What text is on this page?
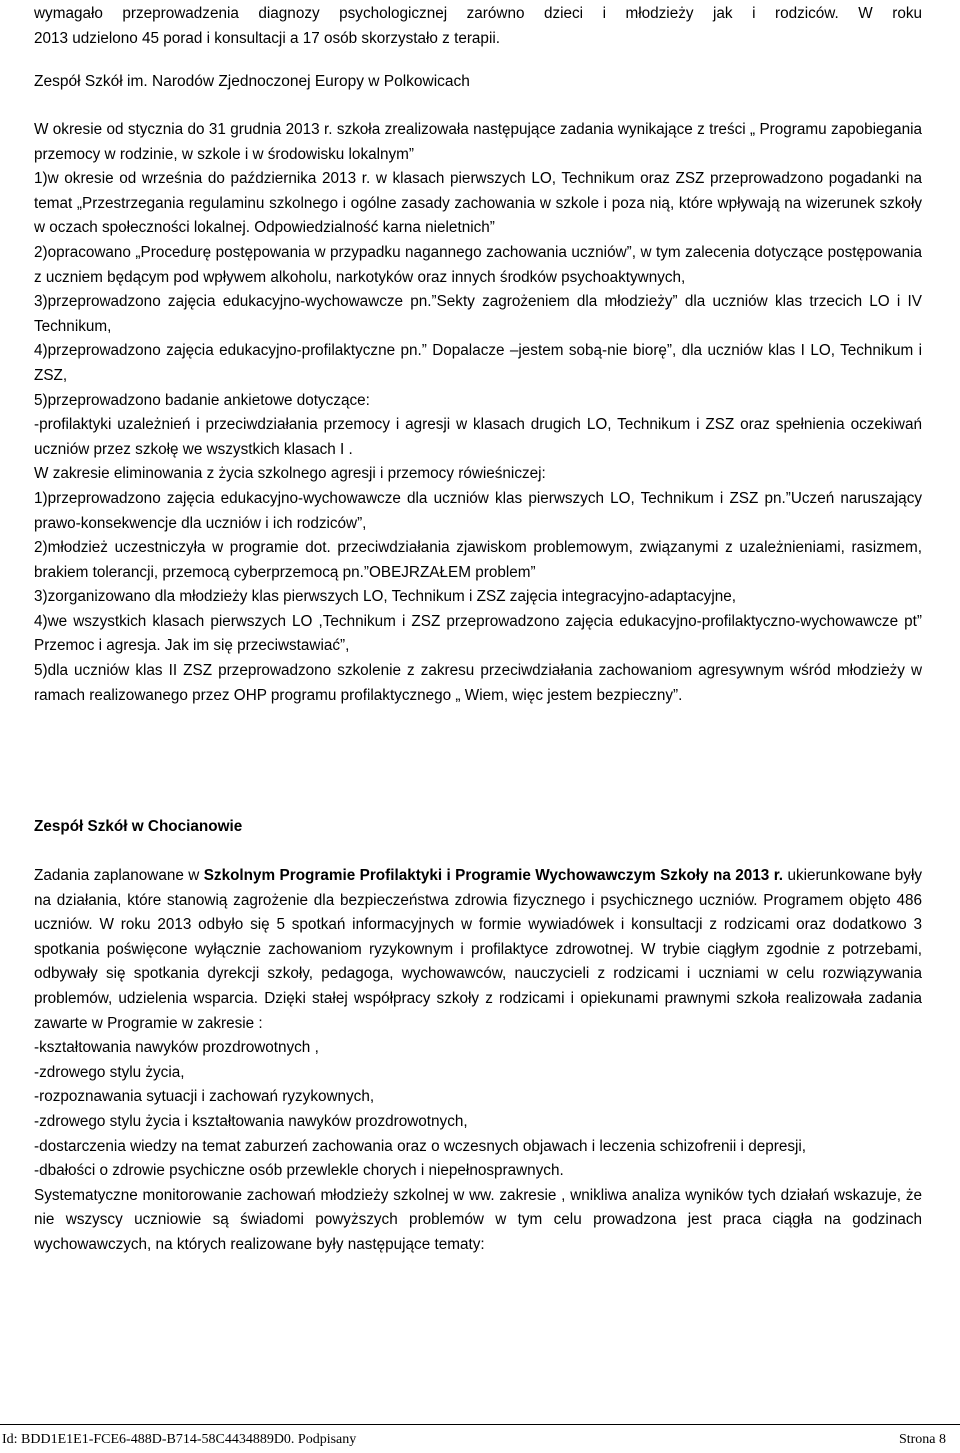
wymagało przeprowadzenia diagnozy psychologicznej zarówno dzieci i młodzieży jak i rodziców. W roku

2013 udzielono 45 porad i konsultacji a 17 osób skorzystało z terapii.

Zespół Szkół im. Narodów Zjednoczonej Europy w Polkowicach

W okresie od stycznia do 31 grudnia 2013 r. szkoła zrealizowała następujące zadania wynikające z treści „ Programu zapobiegania przemocy w rodzinie, w szkole i w środowisku lokalnym”

1)w okresie od września do października 2013 r. w klasach pierwszych LO, Technikum oraz ZSZ przeprowadzono pogadanki na temat „Przestrzegania regulaminu szkolnego i ogólne zasady zachowania w szkole i poza nią, które wpływają na wizerunek szkoły w oczach społeczności lokalnej. Odpowiedzialność karna nieletnich”

2)opracowano „Procedurę postępowania w przypadku nagannego zachowania uczniów”, w tym zalecenia dotyczące postępowania z uczniem będącym pod wpływem alkoholu, narkotyków oraz innych środków psychoaktywnych,

3)przeprowadzono zajęcia edukacyjno-wychowawcze pn.”Sekty zagrożeniem dla młodzieży” dla uczniów klas trzecich LO i IV Technikum,

4)przeprowadzono zajęcia edukacyjno-profilaktyczne pn.” Dopalacze –jestem sobą-nie biorę”, dla uczniów klas I LO, Technikum i ZSZ,

5)przeprowadzono badanie ankietowe dotyczące:

-profilaktyki uzależnień i przeciwdziałania przemocy i agresji w klasach drugich LO, Technikum i ZSZ oraz spełnienia oczekiwań uczniów przez szkołę we wszystkich klasach I .

W zakresie eliminowania z życia szkolnego agresji i przemocy rówieśniczej:

1)przeprowadzono zajęcia edukacyjno-wychowawcze dla uczniów klas pierwszych LO, Technikum i ZSZ pn.”Uczeń naruszający prawo-konsekwencje dla uczniów i ich rodziców”,

2)młodzież uczestniczyła w programie dot. przeciwdziałania zjawiskom problemowym, związanymi z uzależnieniami, rasizmem, brakiem tolerancji, przemocą cyberprzemocą pn.”OBEJRZAŁEM problem”

3)zorganizowano dla młodzieży klas pierwszych LO, Technikum i ZSZ zajęcia integracyjno-adaptacyjne,

4)we wszystkich klasach pierwszych LO ,Technikum i ZSZ przeprowadzono zajęcia edukacyjno-profilaktyczno-wychowawcze pt” Przemoc i agresja. Jak im się przeciwstawiać”,

5)dla uczniów klas II ZSZ przeprowadzono szkolenie z zakresu przeciwdziałania zachowaniom agresywnym wśród młodzieży w ramach realizowanego przez OHP programu profilaktycznego „ Wiem, więc jestem bezpieczny”.

Zespół Szkół w Chocianowie

Zadania zaplanowane w Szkolnym Programie Profilaktyki i Programie Wychowawczym Szkoły na 2013 r. ukierunkowane były na działania, które stanowią zagrożenie dla bezpieczeństwa zdrowia fizycznego i psychicznego uczniów. Programem objęto 486 uczniów. W roku 2013 odbyło się 5 spotkań informacyjnych w formie wywiadówek i konsultacji z rodzicami oraz dodatkowo 3 spotkania poświęcone wyłącznie zachowaniom ryzykownym i profilaktyce zdrowotnej. W trybie ciągłym zgodnie z potrzebami, odbywały się spotkania dyrekcji szkoły, pedagoga, wychowawców, nauczycieli z rodzicami i uczniami w celu rozwiązywania problemów, udzielenia wsparcia. Dzięki stałej współpracy szkoły z rodzicami i opiekunami prawnymi szkoła realizowała zadania zawarte w Programie w zakresie :

-kształtowania nawyków prozdrowotnych ,

-zdrowego stylu życia,

-rozpoznawania sytuacji i zachowań ryzykownych,

-zdrowego stylu życia i kształtowania nawyków prozdrowotnych,

-dostarczenia wiedzy na temat zaburzeń zachowania oraz o wczesnych objawach i leczenia schizofrenii i depresji,

-dbałości o zdrowie psychiczne osób przewlekle chorych i niepełnosprawnych.

Systematyczne monitorowanie zachowań młodzieży szkolnej w ww. zakresie , wnikliwa analiza wyników tych działań wskazuje, że nie wszyscy uczniowie są świadomi powyższych problemów w tym celu prowadzona jest praca ciągła na godzinach wychowawczych, na których realizowane były następujące tematy:

Id: BDD1E1E1-FCE6-488D-B714-58C4434889D0. Podpisany	Strona 8
